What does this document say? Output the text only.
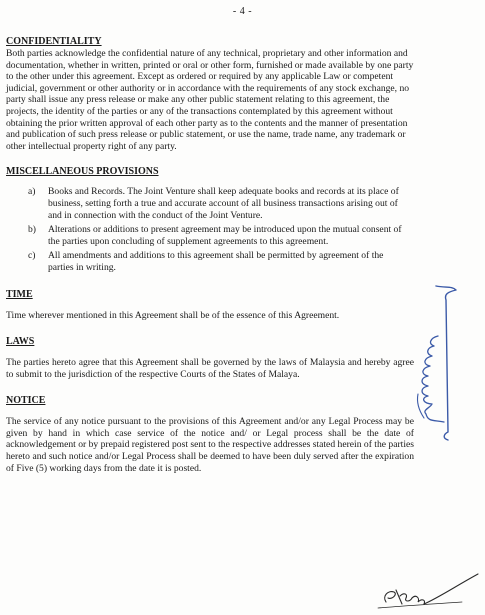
- 4 -

CONFIDENTIALITY

Both parties acknowledge the confidential nature of any technical, proprietary and other information and documentation, whether in written, printed or oral or other form, furnished or made available by one party to the other under this agreement. Except as ordered or required by any applicable Law or competent judicial, government or other authority or in accordance with the requirements of any stock exchange, no party shall issue any press release or make any other public statement relating to this agreement, the projects, the identity of the parties or any of the transactions contemplated by this agreement without obtaining the prior written approval of each other party as to the contents and the manner of presentation and publication of such press release or public statement, or use the name, trade name, any trademark or other intellectual property right of any party.

MISCELLANEOUS PROVISIONS

a) Books and Records. The Joint Venture shall keep adequate books and records at its place of business, setting forth a true and accurate account of all business transactions arising out of and in connection with the conduct of the Joint Venture.
b) Alterations or additions to present agreement may be introduced upon the mutual consent of the parties upon concluding of supplement agreements to this agreement.
c) All amendments and additions to this agreement shall be permitted by agreement of the parties in writing.

TIME

Time wherever mentioned in this Agreement shall be of the essence of this Agreement.

LAWS

The parties hereto agree that this Agreement shall be governed by the laws of Malaysia and hereby agree to submit to the jurisdiction of the respective Courts of the States of Malaya.

NOTICE

The service of any notice pursuant to the provisions of this Agreement and/or any Legal Process may be given by hand in which case service of the notice and/ or Legal process shall be the date of acknowledgement or by prepaid registered post sent to the respective addresses stated herein of the parties hereto and such notice and/or Legal Process shall be deemed to have been duly served after the expiration of Five (5) working days from the date it is posted.
